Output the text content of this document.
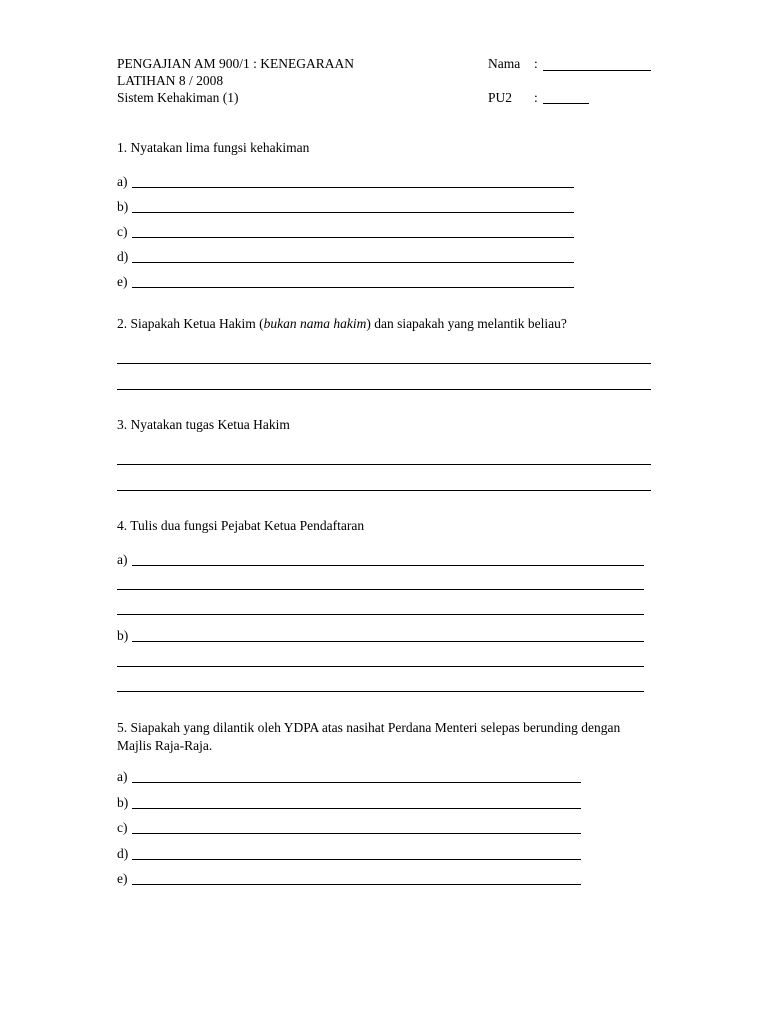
PENGAJIAN AM 900/1 : KENEGARAAN
LATIHAN 8 / 2008
Sistem Kehakiman (1)
Nama :
PU2 :
1. Nyatakan lima fungsi kehakiman
a)
b)
c)
d)
e)
2. Siapakah Ketua Hakim (bukan nama hakim) dan siapakah yang melantik beliau?
3. Nyatakan tugas Ketua Hakim
4. Tulis dua fungsi Pejabat Ketua Pendaftaran
a)
b)
5. Siapakah yang dilantik oleh YDPA atas nasihat Perdana Menteri selepas berunding dengan Majlis Raja-Raja.
a)
b)
c)
d)
e)
